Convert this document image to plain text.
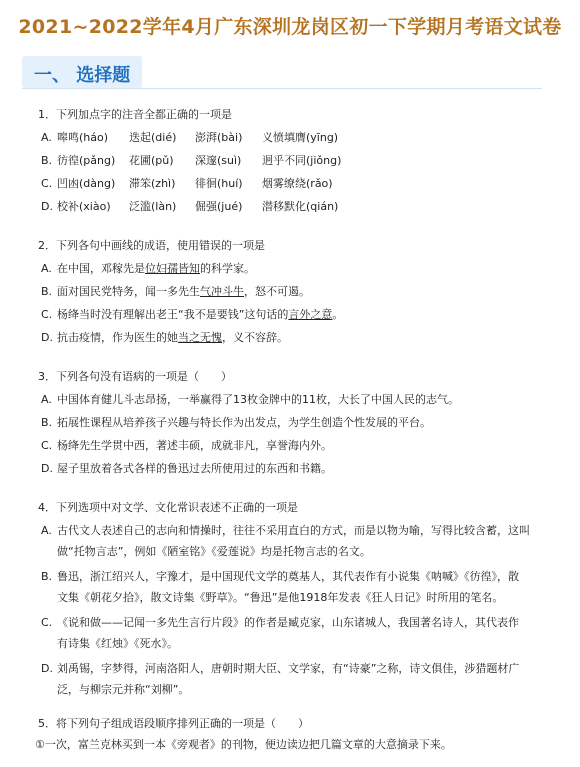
2021~2022学年4月广东深圳龙岗区初一下学期月考语文试卷
一、 选择题
1．下列加点字的注音全都正确的一项是
A. 嗥鸣(háo) 迭起(dié) 澎湃(bài) 义愤填膺(yīng)
B. 彷徨(pǎng) 花圃(pǔ) 深邃(suì) 迥乎不同(jiǒng)
C. 凹凼(dàng) 滞笨(zhì) 徘徊(huí) 烟雾缭绕(rǎo)
D. 校补(xiào) 泛滥(làn) 倔强(jué) 潜移默化(qián)
2．下列各句中画线的成语，使用错误的一项是
A. 在中国，邓稼先是位妇孺皆知的科学家。
B. 面对国民党特务，闻一多先生气冲斗牛，怒不可遏。
C. 杨绛当时没有理解出老王“我不是要钱”这句话的言外之意。
D. 抗击疫情，作为医生的她当之无愧，义不容辞。
3．下列各句没有语病的一项是（　　）
A. 中国体育健儿斗志昂扬，一举赢得了13枚金牌中的11枚，大长了中国人民的志气。
B. 拓展性课程从培养孩子兴趣与特长作为出发点，为学生创造个性发展的平台。
C. 杨绛先生学贯中西，著述丰硕，成就非凡，享誉海内外。
D. 屋子里放着各式各样的鲁迅过去所使用过的东西和书籍。
4．下列选项中对文学、文化常识表述不正确的一项是
A. 古代文人表述自己的志向和情操时，往往不采用直白的方式，而是以物为喻，写得比较含蓄，这叫
做“托物言志”，例如《陋室铭》《爱莲说》均是托物言志的名文。
B. 鲁迅，浙江绍兴人，字豫才，是中国现代文学的奠基人，其代表作有小说集《呐喊》《彷徨》，散
文集《朝花夕拾》，散文诗集《野草》。“鲁迅”是他1918年发表《狂人日记》时所用的笔名。
C. 《说和做——记闻一多先生言行片段》的作者是臧克家，山东诸城人，我国著名诗人，其代表作
有诗集《红烛》《死水》。
D. 刘禹锡，字梦得，河南洛阳人，唐朝时期大臣、文学家，有“诗豪”之称，诗文俱佳，涉猎题材广
泛，与柳宗元并称“刘柳”。
5．将下列句子组成语段顺序排列正确的一项是（　　）
①一次，富兰克林买到一本《旁观者》的刊物，便边读边把几篇文章的大意摘录下来。
